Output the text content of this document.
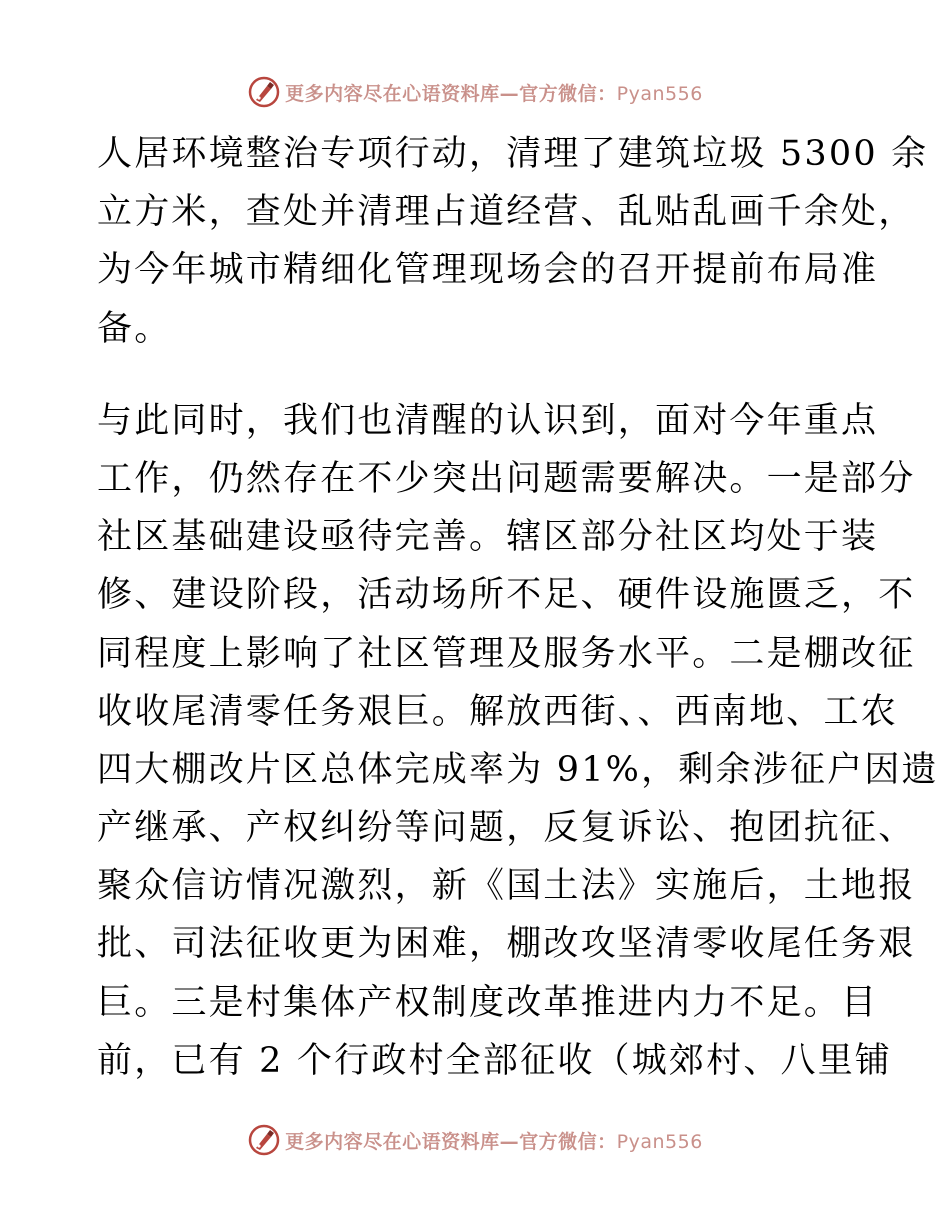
更多内容尽在心语资料库—官方微信：Pyan556
人居环境整治专项行动，清理了建筑垃圾 5300 余
立方米，查处并清理占道经营、乱贴乱画千余处，
为今年城市精细化管理现场会的召开提前布局准
备。
与此同时，我们也清醒的认识到，面对今年重点
工作，仍然存在不少突出问题需要解决。一是部分
社区基础建设亟待完善。辖区部分社区均处于装
修、建设阶段，活动场所不足、硬件设施匮乏，不
同程度上影响了社区管理及服务水平。二是棚改征
收收尾清零任务艰巨。解放西街、、西南地、工农
四大棚改片区总体完成率为 91%，剩余涉征户因遗
产继承、产权纠纷等问题，反复诉讼、抱团抗征、
聚众信访情况激烈，新《国土法》实施后，土地报
批、司法征收更为困难，棚改攻坚清零收尾任务艰
巨。三是村集体产权制度改革推进内力不足。目
前，已有 2 个行政村全部征收（城郊村、八里铺
更多内容尽在心语资料库—官方微信：Pyan556
